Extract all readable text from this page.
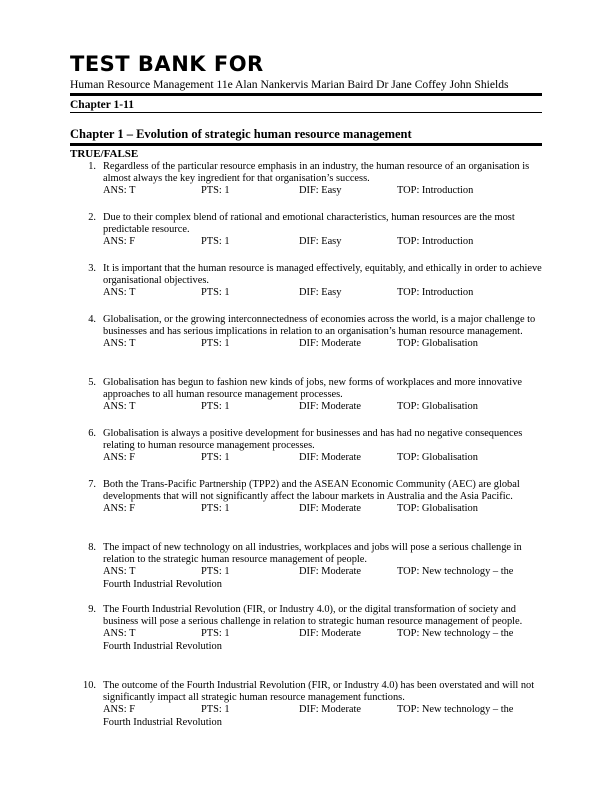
TEST BANK FOR
Human Resource Management 11e Alan Nankervis Marian Baird Dr Jane Coffey John Shields
Chapter 1-11
Chapter 1 – Evolution of strategic human resource management
TRUE/FALSE
1. Regardless of the particular resource emphasis in an industry, the human resource of an organisation is almost always the key ingredient for that organisation’s success.
ANS: T	PTS: 1	DIF: Easy	TOP: Introduction
2. Due to their complex blend of rational and emotional characteristics, human resources are the most predictable resource.
ANS: F	PTS: 1	DIF: Easy	TOP: Introduction
3. It is important that the human resource is managed effectively, equitably, and ethically in order to achieve organisational objectives.
ANS: T	PTS: 1	DIF: Easy	TOP: Introduction
4. Globalisation, or the growing interconnectedness of economies across the world, is a major challenge to businesses and has serious implications in relation to an organisation’s human resource management.
ANS: T	PTS: 1	DIF: Moderate	TOP: Globalisation
5. Globalisation has begun to fashion new kinds of jobs, new forms of workplaces and more innovative approaches to all human resource management processes.
ANS: T	PTS: 1	DIF: Moderate	TOP: Globalisation
6. Globalisation is always a positive development for businesses and has had no negative consequences relating to human resource management processes.
ANS: F	PTS: 1	DIF: Moderate	TOP: Globalisation
7. Both the Trans-Pacific Partnership (TPP2) and the ASEAN Economic Community (AEC) are global developments that will not significantly affect the labour markets in Australia and the Asia Pacific.
ANS: F	PTS: 1	DIF: Moderate	TOP: Globalisation
8. The impact of new technology on all industries, workplaces and jobs will pose a serious challenge in relation to the strategic human resource management of people.
ANS: T	PTS: 1	DIF: Moderate	TOP: New technology – the
Fourth Industrial Revolution
9. The Fourth Industrial Revolution (FIR, or Industry 4.0), or the digital transformation of society and business will pose a serious challenge in relation to strategic human resource management of people.
ANS: T	PTS: 1	DIF: Moderate	TOP: New technology – the
Fourth Industrial Revolution
10. The outcome of the Fourth Industrial Revolution (FIR, or Industry 4.0) has been overstated and will not significantly impact all strategic human resource management functions.
ANS: F	PTS: 1	DIF: Moderate	TOP: New technology – the
Fourth Industrial Revolution
